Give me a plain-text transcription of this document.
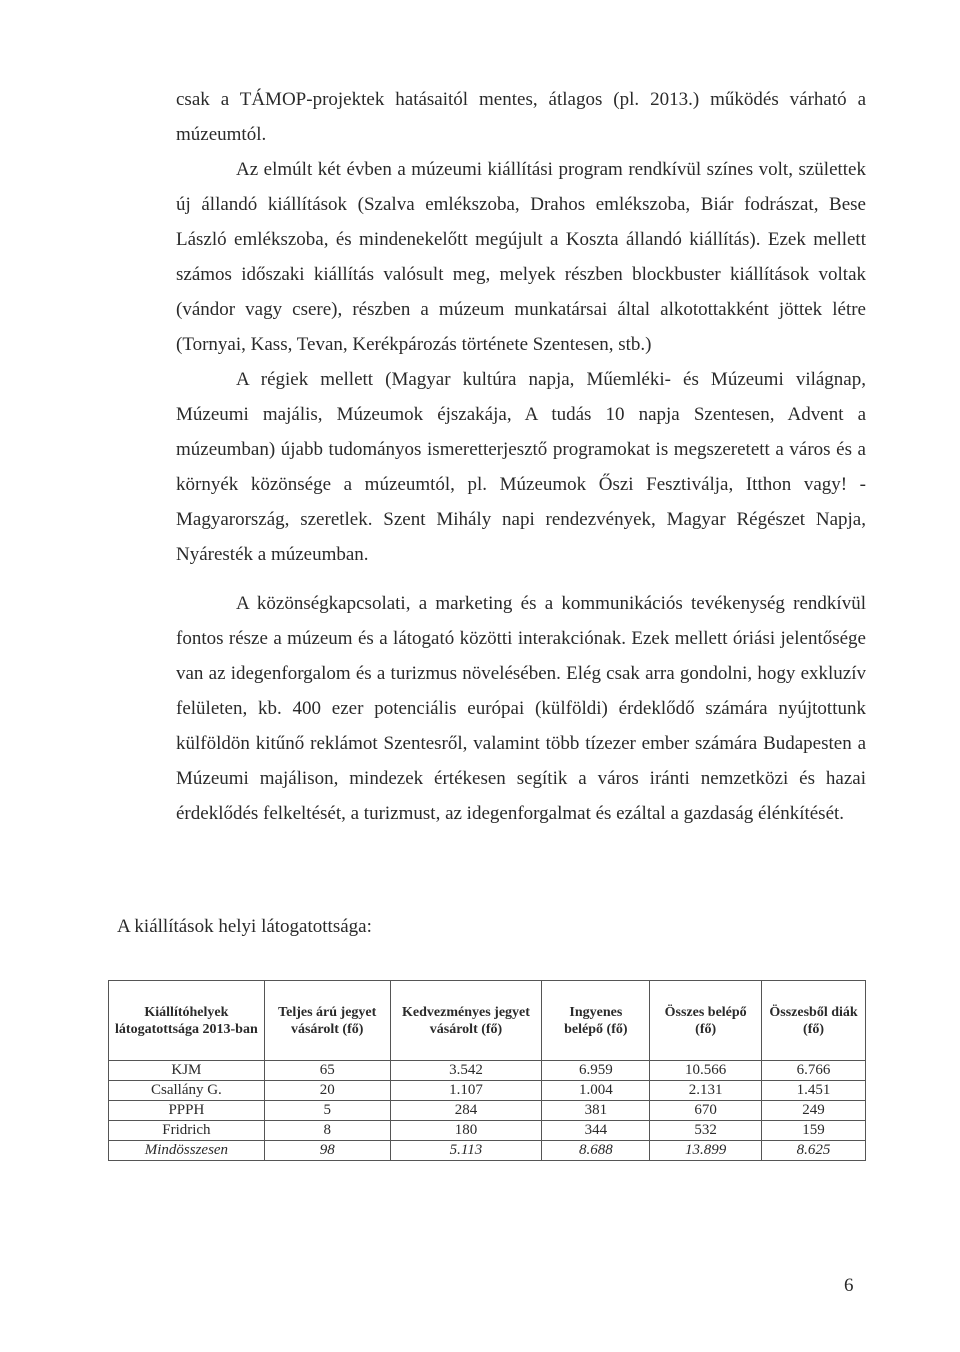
csak a TÁMOP-projektek hatásaitól mentes, átlagos (pl. 2013.) működés várható a múzeumtól.

Az elmúlt két évben a múzeumi kiállítási program rendkívül színes volt, születtek új állandó kiállítások (Szalva emlékszoba, Drahos emlékszoba, Biár fodrászat, Bese László emlékszoba, és mindenekelőtt megújult a Koszta állandó kiállítás). Ezek mellett számos időszaki kiállítás valósult meg, melyek részben blockbuster kiállítások voltak (vándor vagy csere), részben a múzeum munkatársai által alkotottakként jöttek létre (Tornyai, Kass, Tevan, Kerékpározás története Szentesen, stb.)

A régiek mellett (Magyar kultúra napja, Műemléki- és Múzeumi világnap, Múzeumi majális, Múzeumok éjszakája, A tudás 10 napja Szentesen, Advent a múzeumban) újabb tudományos ismeretterjesztő programokat is megszeretett a város és a környék közönsége a múzeumtól, pl. Múzeumok Őszi Fesztiválja, Itthon vagy! - Magyarország, szeretlek. Szent Mihály napi rendezvények, Magyar Régészet Napja, Nyáresték a múzeumban.

A közönségkapcsolati, a marketing és a kommunikációs tevékenység rendkívül fontos része a múzeum és a látogató közötti interakciónak. Ezek mellett óriási jelentősége van az idegenforgalom és a turizmus növelésében. Elég csak arra gondolni, hogy exkluzív felületen, kb. 400 ezer potenciális európai (külföldi) érdeklődő számára nyújtottunk külföldön kitűnő reklámot Szentesről, valamint több tízezer ember számára Budapesten a Múzeumi majálison, mindezek értékesen segítik a város iránti nemzetközi és hazai érdeklődés felkeltését, a turizmust, az idegenforgalmat és ezáltal a gazdaság élénkítését.

A kiállítások helyi látogatottsága:
Kiállítóhelyek látogatottsága 2013-ban	Teljes árú jegyet vásárolt (fő)	Kedvezményes jegyet vásárolt (fő)	Ingyenes belépő (fő)	Összes belépő (fő)	Összesből diák (fő)
KJM	65	3.542	6.959	10.566	6.766
Csallány G.	20	1.107	1.004	2.131	1.451
PPPH	5	284	381	670	249
Fridrich	8	180	344	532	159
Mindösszesen	98	5.113	8.688	13.899	8.625
6
